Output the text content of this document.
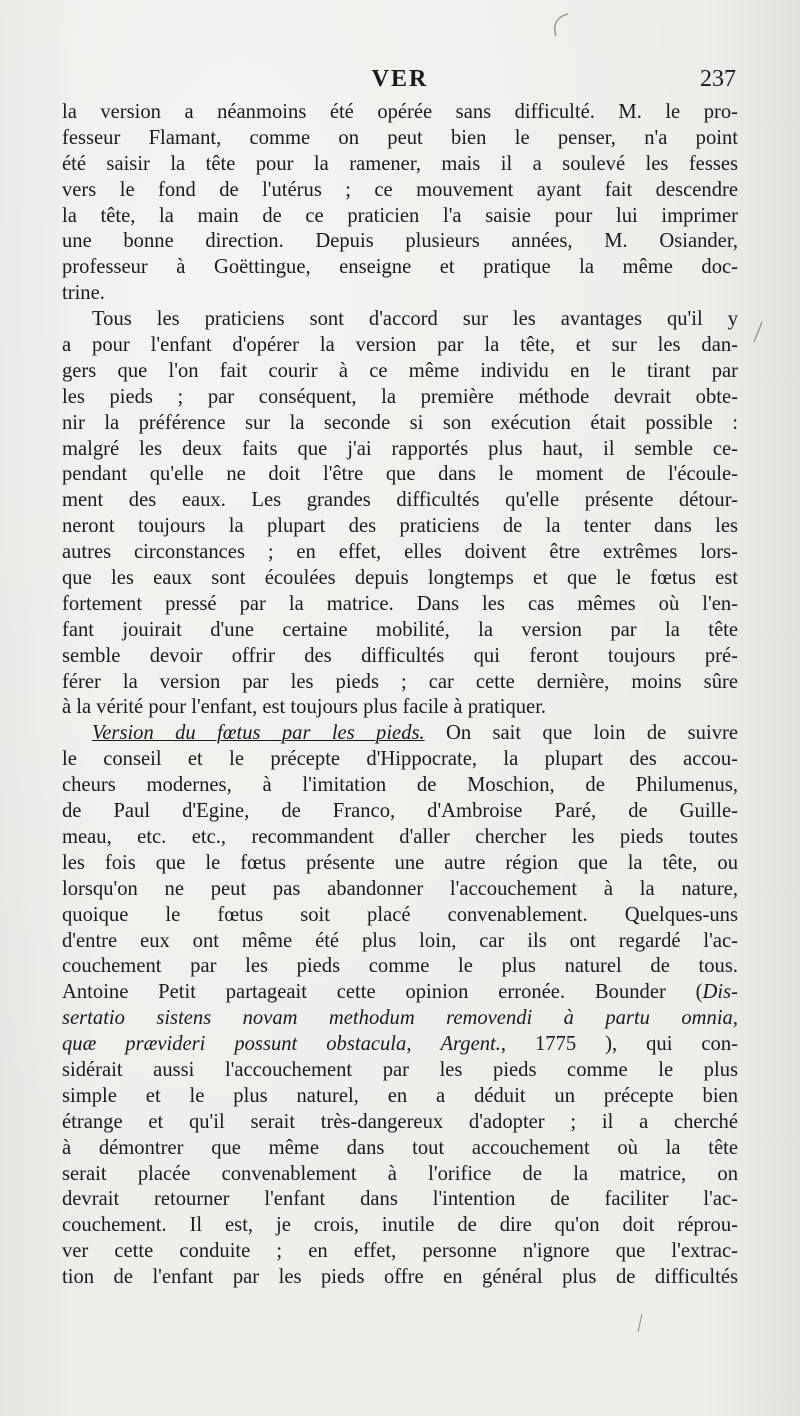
VER	237
la version a néanmoins été opérée sans difficulté. M. le pro-
fesseur Flamant, comme on peut bien le penser, n'a point
été saisir la tête pour la ramener, mais il a soulevé les fesses
vers le fond de l'utérus ; ce mouvement ayant fait descendre
la tête, la main de ce praticien l'a saisie pour lui imprimer
une bonne direction. Depuis plusieurs années, M. Osiander,
professeur à Goëttingue, enseigne et pratique la même doc-
trine.
Tous les praticiens sont d'accord sur les avantages qu'il y
a pour l'enfant d'opérer la version par la tête, et sur les dan-
gers que l'on fait courir à ce même individu en le tirant par
les pieds ; par conséquent, la première méthode devrait obte-
nir la préférence sur la seconde si son exécution était possible :
malgré les deux faits que j'ai rapportés plus haut, il semble ce-
pendant qu'elle ne doit l'être que dans le moment de l'écoule-
ment des eaux. Les grandes difficultés qu'elle présente détour-
neront toujours la plupart des praticiens de la tenter dans les
autres circonstances ; en effet, elles doivent être extrêmes lors-
que les eaux sont écoulées depuis longtemps et que le fœtus est
fortement pressé par la matrice. Dans les cas mêmes où l'en-
fant jouirait d'une certaine mobilité, la version par la tête
semble devoir offrir des difficultés qui feront toujours pré-
férer la version par les pieds ; car cette dernière, moins sûre
à la vérité pour l'enfant, est toujours plus facile à pratiquer.
Version du fœtus par les pieds. On sait que loin de suivre
le conseil et le précepte d'Hippocrate, la plupart des accou-
cheurs modernes, à l'imitation de Moschion, de Philumenus,
de Paul d'Egine, de Franco, d'Ambroise Paré, de Guille-
meau, etc. etc., recommandent d'aller chercher les pieds toutes
les fois que le fœtus présente une autre région que la tête, ou
lorsqu'on ne peut pas abandonner l'accouchement à la nature,
quoique le fœtus soit placé convenablement. Quelques-uns
d'entre eux ont même été plus loin, car ils ont regardé l'ac-
couchement par les pieds comme le plus naturel de tous.
Antoine Petit partageait cette opinion erronée. Bounder (Dis-
sertatio sistens novam methodum removendi à partu omnia,
quæ prævideri possunt obstacula, Argent., 1775 ), qui con-
sidérait aussi l'accouchement par les pieds comme le plus
simple et le plus naturel, en a déduit un précepte bien
étrange et qu'il serait très-dangereux d'adopter ; il a cherché
à démontrer que même dans tout accouchement où la tête
serait placée convenablement à l'orifice de la matrice, on
devrait retourner l'enfant dans l'intention de faciliter l'ac-
couchement. Il est, je crois, inutile de dire qu'on doit réprou-
ver cette conduite ; en effet, personne n'ignore que l'extrac-
tion de l'enfant par les pieds offre en général plus de difficultés
